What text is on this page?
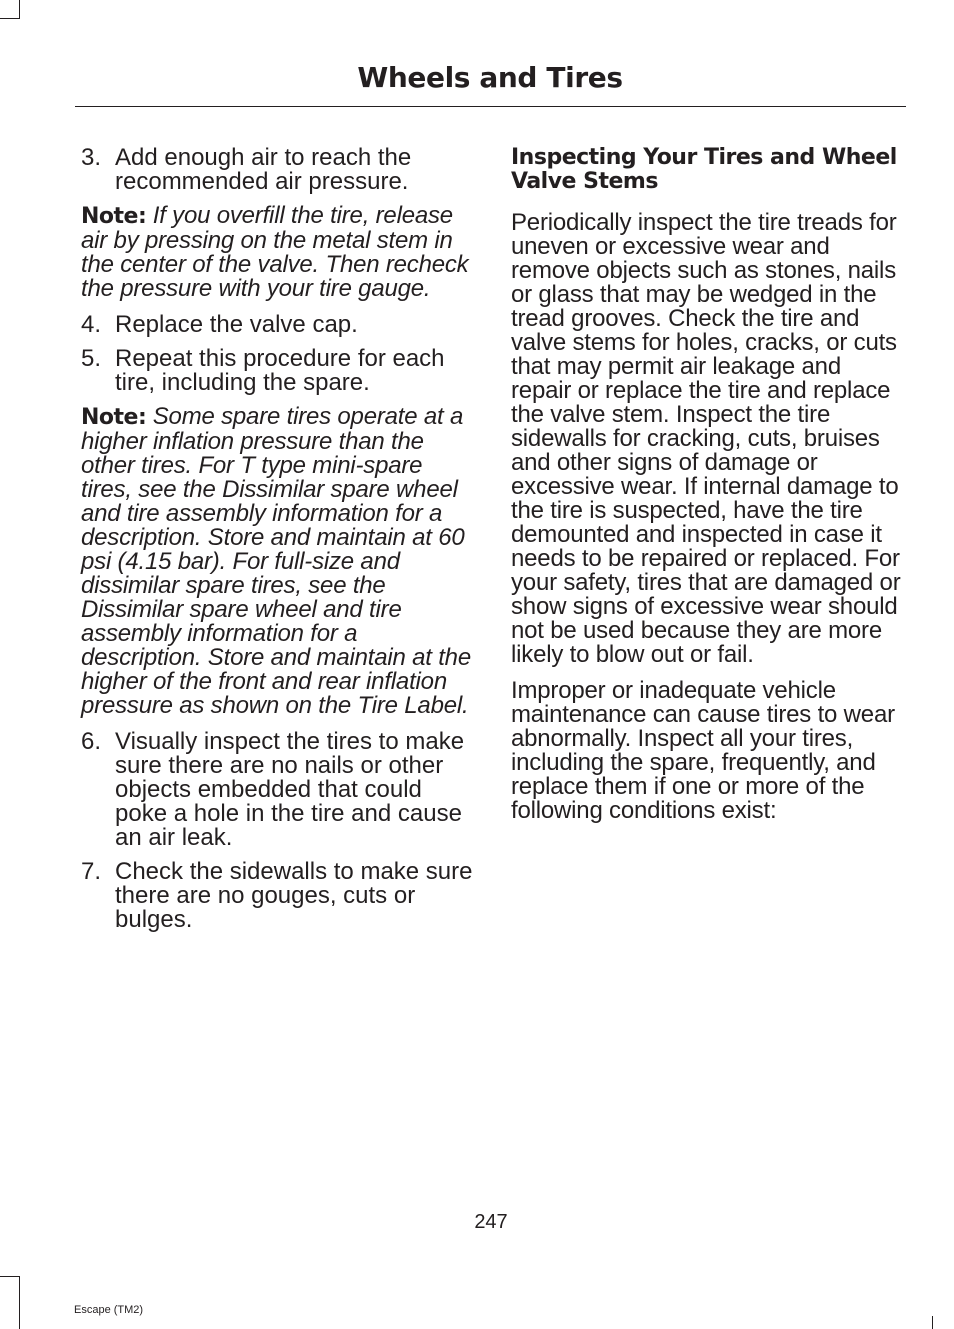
Wheels and Tires
3. Add enough air to reach the recommended air pressure.
Note: If you overfill the tire, release air by pressing on the metal stem in the center of the valve. Then recheck the pressure with your tire gauge.
4. Replace the valve cap.
5. Repeat this procedure for each tire, including the spare.
Note: Some spare tires operate at a higher inflation pressure than the other tires. For T type mini-spare tires, see the Dissimilar spare wheel and tire assembly information for a description. Store and maintain at 60 psi (4.15 bar). For full-size and dissimilar spare tires, see the Dissimilar spare wheel and tire assembly information for a description. Store and maintain at the higher of the front and rear inflation pressure as shown on the Tire Label.
6. Visually inspect the tires to make sure there are no nails or other objects embedded that could poke a hole in the tire and cause an air leak.
7. Check the sidewalls to make sure there are no gouges, cuts or bulges.
Inspecting Your Tires and Wheel Valve Stems
Periodically inspect the tire treads for uneven or excessive wear and remove objects such as stones, nails or glass that may be wedged in the tread grooves. Check the tire and valve stems for holes, cracks, or cuts that may permit air leakage and repair or replace the tire and replace the valve stem. Inspect the tire sidewalls for cracking, cuts, bruises and other signs of damage or excessive wear. If internal damage to the tire is suspected, have the tire demounted and inspected in case it needs to be repaired or replaced. For your safety, tires that are damaged or show signs of excessive wear should not be used because they are more likely to blow out or fail.
Improper or inadequate vehicle maintenance can cause tires to wear abnormally. Inspect all your tires, including the spare, frequently, and replace them if one or more of the following conditions exist:
247
Escape (TM2)
